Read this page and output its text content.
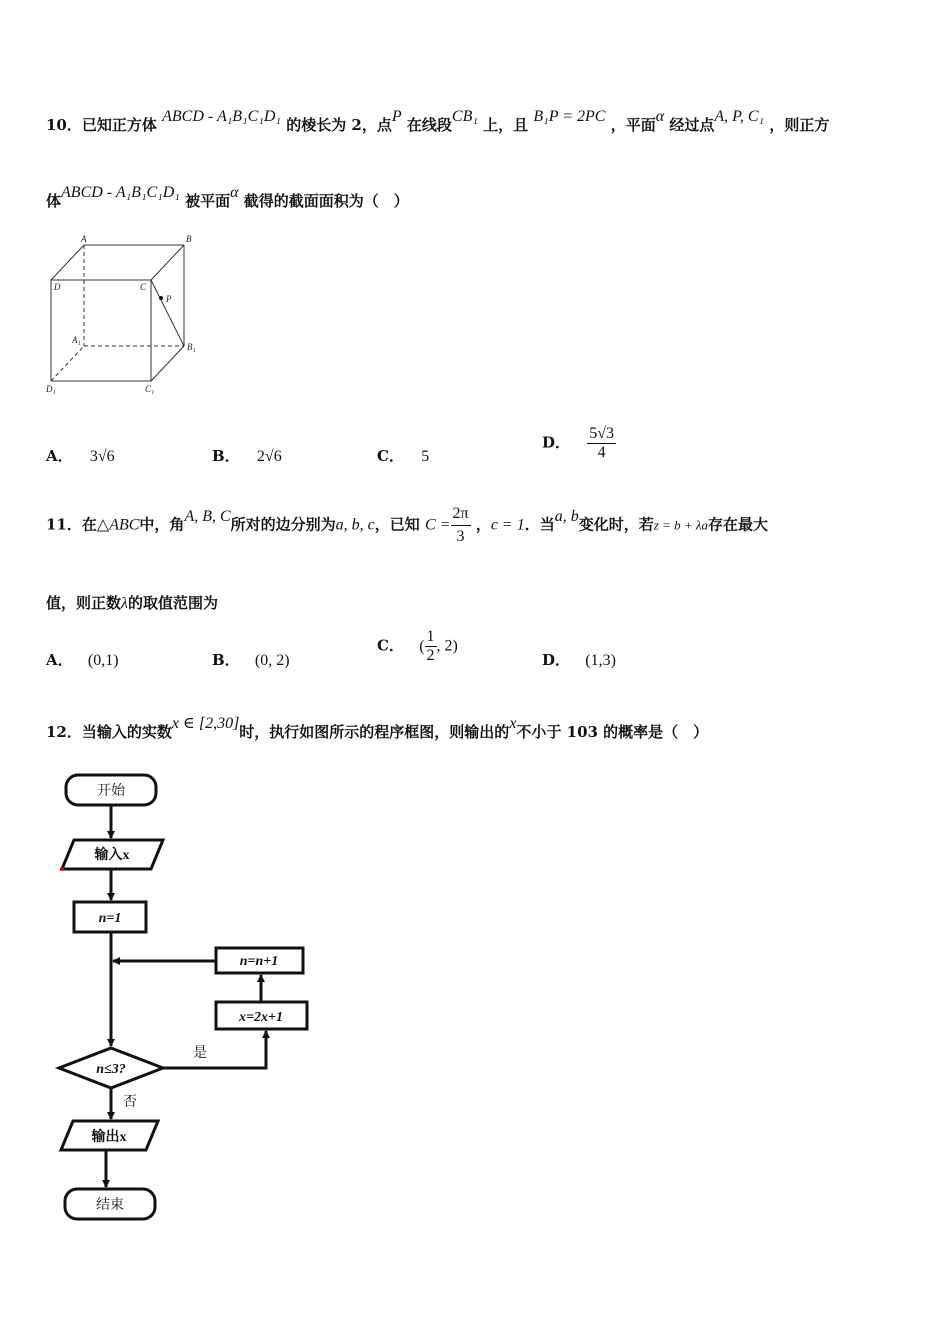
10．已知正方体 ABCD - A₁B₁C₁D₁ 的棱长为 2，点P 在线段CB₁ 上，且 B₁P = 2PC ，平面α 经过点A, P, C₁ ，则正方
体ABCD - A₁B₁C₁D₁ 被平面α 截得的截面面积为（　）
A	B
D	C
P
A₁
B₁
D₁	C₁
A． 3√6	B． 2√6	C． 5
D． $\frac{5√3}{4}$
11．在△ABC中，角A, B, C所对的边分别为a, b, c，已知 $C = \frac{2\pi}{3}$ ，c = 1．当a, b变化时，若z = b + λa存在最大
值，则正数λ的取值范围为
A． (0,1)	B． (0, 2)
C． ( $\frac{1}{2}$ , 2)
D． (1,3)
12．当输入的实数x ∈ [2,30]时，执行如图所示的程序框图，则输出的x不小于 103 的概率是（　）
开始
输入x
n=1
n=n+1
x=2x+1
n≤3?
是
否
输出x
结束
